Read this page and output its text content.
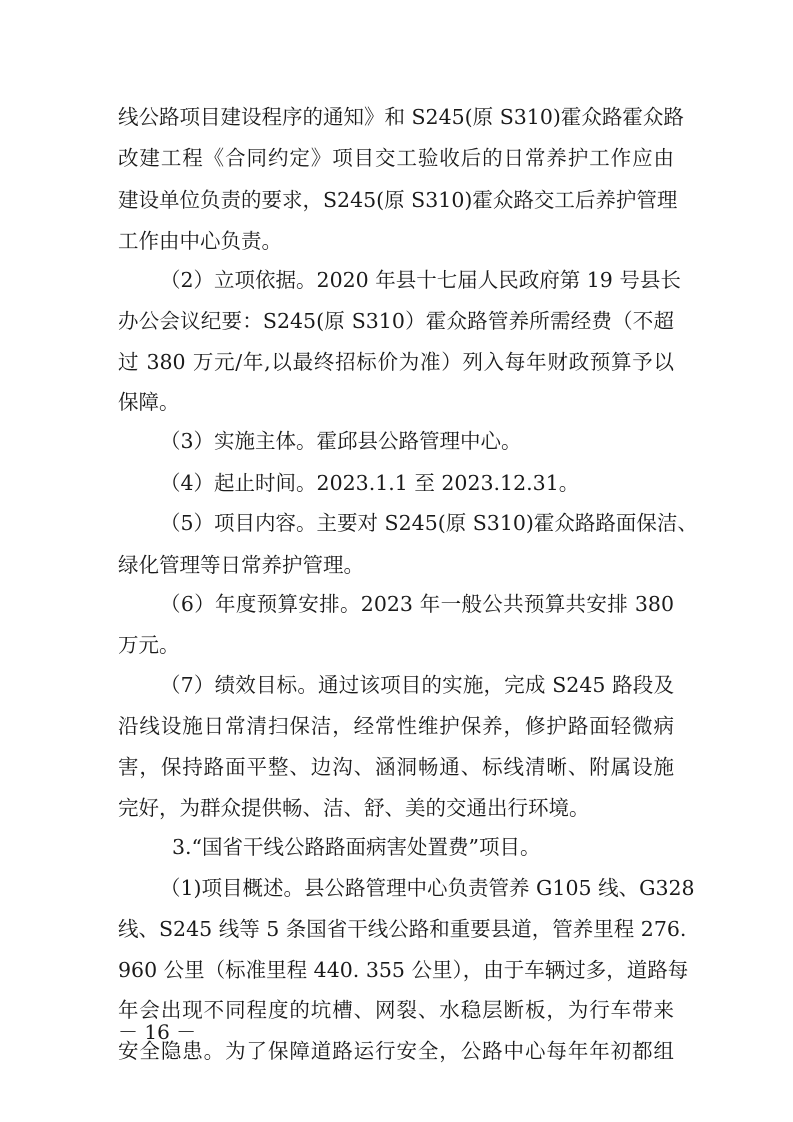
线公路项目建设程序的通知》和 S245(原 S310)霍众路霍众路
改建工程《合同约定》项目交工验收后的日常养护工作应由
建设单位负责的要求，S245(原 S310)霍众路交工后养护管理
工作由中心负责。
（2）立项依据。2020 年县十七届人民政府第 19 号县长
办公会议纪要：S245(原 S310）霍众路管养所需经费（不超
过 380 万元/年,以最终招标价为准）列入每年财政预算予以
保障。
（3）实施主体。霍邱县公路管理中心。
（4）起止时间。2023.1.1 至 2023.12.31。
（5）项目内容。主要对 S245(原 S310)霍众路路面保洁、
绿化管理等日常养护管理。
（6）年度预算安排。2023 年一般公共预算共安排 380
万元。
（7）绩效目标。通过该项目的实施，完成 S245 路段及
沿线设施日常清扫保洁，经常性维护保养，修护路面轻微病
害，保持路面平整、边沟、涵洞畅通、标线清晰、附属设施
完好，为群众提供畅、洁、舒、美的交通出行环境。
3.“国省干线公路路面病害处置费”项目。
（1)项目概述。县公路管理中心负责管养 G105 线、G328
线、S245 线等 5 条国省干线公路和重要县道，管养里程 276.
960 公里（标准里程 440. 355 公里），由于车辆过多，道路每
年会出现不同程度的坑槽、网裂、水稳层断板，为行车带来
安全隐患。为了保障道路运行安全，公路中心每年年初都组
－ 16 －
